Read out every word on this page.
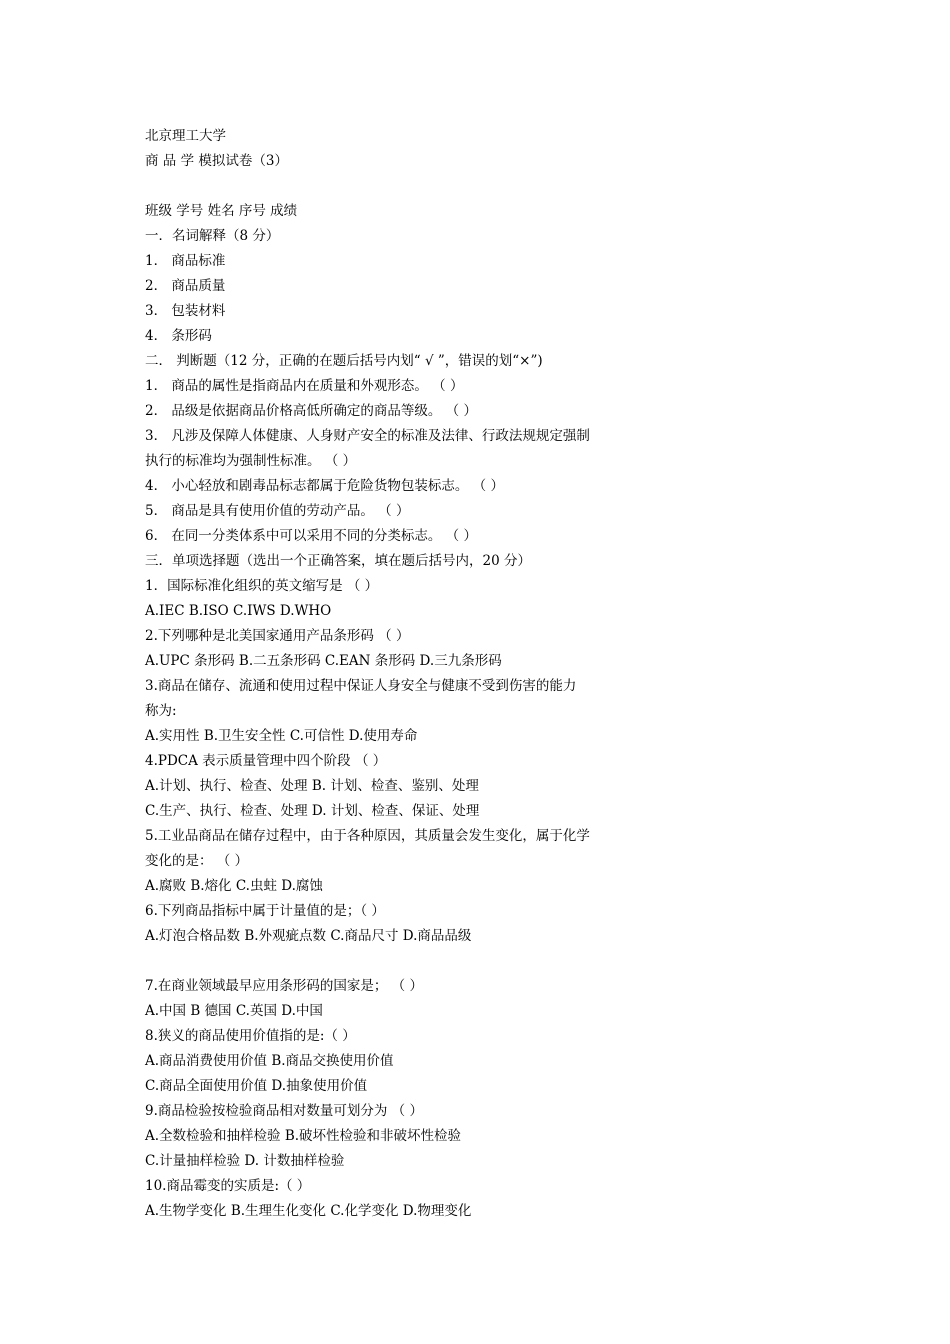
北京理工大学
商 品 学 模拟试卷（3）
班级 学号 姓名 序号 成绩
一．名词解释（8 分）
1． 商品标准
2． 商品质量
3． 包装材料
4． 条形码
二． 判断题（12 分，正确的在题后括号内划“ √ ”，错误的划“×”)
1． 商品的属性是指商品内在质量和外观形态。 （ ）
2． 品级是依据商品价格高低所确定的商品等级。 （ ）
3． 凡涉及保障人体健康、人身财产安全的标准及法律、行政法规规定强制
执行的标准均为强制性标准。 （ ）
4． 小心轻放和剧毒品标志都属于危险货物包装标志。 （ ）
5． 商品是具有使用价值的劳动产品。 （ ）
6． 在同一分类体系中可以采用不同的分类标志。 （ ）
三．单项选择题（选出一个正确答案，填在题后括号内，20 分）
1．国际标准化组织的英文缩写是 （ ）
A.IEC B.ISO C.IWS D.WHO
2.下列哪种是北美国家通用产品条形码 （ ）
A.UPC 条形码 B.二五条形码 C.EAN 条形码 D.三九条形码
3.商品在储存、流通和使用过程中保证人身安全与健康不受到伤害的能力
称为:
A.实用性 B.卫生安全性 C.可信性 D.使用寿命
4.PDCA 表示质量管理中四个阶段 （ ）
A.计划、执行、检查、处理 B. 计划、检查、鉴别、处理
C.生产、执行、检查、处理 D. 计划、检查、保证、处理
5.工业品商品在储存过程中，由于各种原因，其质量会发生变化，属于化学
变化的是： （ ）
A.腐败 B.熔化 C.虫蛀 D.腐蚀
6.下列商品指标中属于计量值的是；（ ）
A.灯泡合格品数 B.外观疵点数 C.商品尺寸 D.商品品级
7.在商业领域最早应用条形码的国家是； （ ）
A.中国 B 德国 C.英国 D.中国
8.狭义的商品使用价值指的是:（ ）
A.商品消费使用价值 B.商品交换使用价值
C.商品全面使用价值 D.抽象使用价值
9.商品检验按检验商品相对数量可划分为 （ ）
A.全数检验和抽样检验 B.破坏性检验和非破坏性检验
C.计量抽样检验 D. 计数抽样检验
10.商品霉变的实质是:（ ）
A.生物学变化 B.生理生化变化 C.化学变化 D.物理变化
